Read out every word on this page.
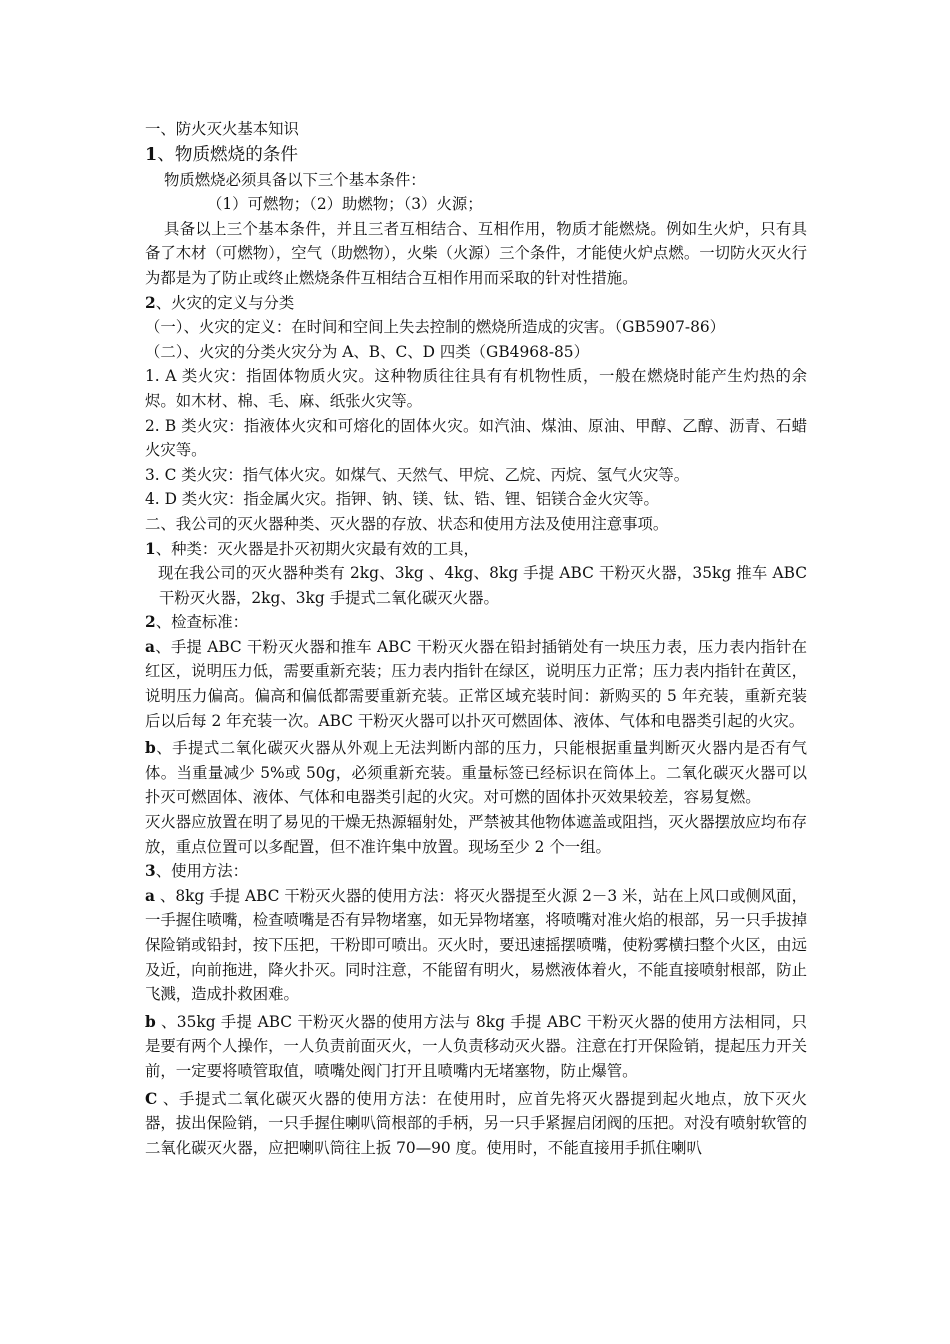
一、防火灭火基本知识

1、物质燃烧的条件

物质燃烧必须具备以下三个基本条件：

（1）可燃物；（2）助燃物；（3）火源；

具备以上三个基本条件，并且三者互相结合、互相作用，物质才能燃烧。例如生火炉，只有具备了木材（可燃物），空气（助燃物），火柴（火源）三个条件，才能使火炉点燃。一切防火灭火行为都是为了防止或终止燃烧条件互相结合互相作用而采取的针对性措施。

2、火灾的定义与分类

（一）、火灾的定义：在时间和空间上失去控制的燃烧所造成的灾害。（GB5907-86）

（二）、火灾的分类火灾分为 A、B、C、D 四类（GB4968-85）

1. A 类火灾：指固体物质火灾。这种物质往往具有有机物性质，一般在燃烧时能产生灼热的余烬。如木材、棉、毛、麻、纸张火灾等。

2. B 类火灾：指液体火灾和可熔化的固体火灾。如汽油、煤油、原油、甲醇、乙醇、沥青、石蜡火灾等。

3. C 类火灾：指气体火灾。如煤气、天然气、甲烷、乙烷、丙烷、氢气火灾等。

4. D 类火灾：指金属火灾。指钾、钠、镁、钛、锆、锂、铝镁合金火灾等。

二、我公司的灭火器种类、灭火器的存放、状态和使用方法及使用注意事项。

1、种类：灭火器是扑灭初期火灾最有效的工具，

现在我公司的灭火器种类有 2kg、3kg 、4kg、8kg 手提 ABC 干粉灭火器，35kg 推车 ABC 干粉灭火器，2kg、3kg 手提式二氧化碳灭火器。

2、检查标准：

a、手提 ABC 干粉灭火器和推车 ABC 干粉灭火器在铅封插销处有一块压力表，压力表内指针在红区，说明压力低，需要重新充装；压力表内指针在绿区，说明压力正常；压力表内指针在黄区，说明压力偏高。偏高和偏低都需要重新充装。正常区域充装时间：新购买的 5 年充装，重新充装后以后每 2 年充装一次。ABC 干粉灭火器可以扑灭可燃固体、液体、气体和电器类引起的火灾。

b、手提式二氧化碳灭火器从外观上无法判断内部的压力，只能根据重量判断灭火器内是否有气体。当重量减少 5%或 50g，必须重新充装。重量标签已经标识在筒体上。二氧化碳灭火器可以扑灭可燃固体、液体、气体和电器类引起的火灾。对可燃的固体扑灭效果较差，容易复燃。

灭火器应放置在明了易见的干燥无热源辐射处，严禁被其他物体遮盖或阻挡，灭火器摆放应均布存放，重点位置可以多配置，但不准许集中放置。现场至少 2 个一组。

3、使用方法：

a 、8kg 手提 ABC 干粉灭火器的使用方法：将灭火器提至火源 2－3 米，站在上风口或侧风面，一手握住喷嘴，检查喷嘴是否有异物堵塞，如无异物堵塞，将喷嘴对准火焰的根部，另一只手拔掉保险销或铅封，按下压把，干粉即可喷出。灭火时，要迅速摇摆喷嘴，使粉雾横扫整个火区，由远及近，向前拖进，降火扑灭。同时注意，不能留有明火，易燃液体着火，不能直接喷射根部，防止飞溅，造成扑救困难。

b 、35kg 手提 ABC 干粉灭火器的使用方法与 8kg 手提 ABC 干粉灭火器的使用方法相同，只是要有两个人操作，一人负责前面灭火，一人负责移动灭火器。注意在打开保险销，提起压力开关前，一定要将喷管取值，喷嘴处阀门打开且喷嘴内无堵塞物，防止爆管。

C 、手提式二氧化碳灭火器的使用方法：在使用时，应首先将灭火器提到起火地点，放下灭火器，拔出保险销，一只手握住喇叭筒根部的手柄，另一只手紧握启闭阀的压把。对没有喷射软管的二氧化碳灭火器，应把喇叭筒往上扳 70—90 度。使用时，不能直接用手抓住喇叭
